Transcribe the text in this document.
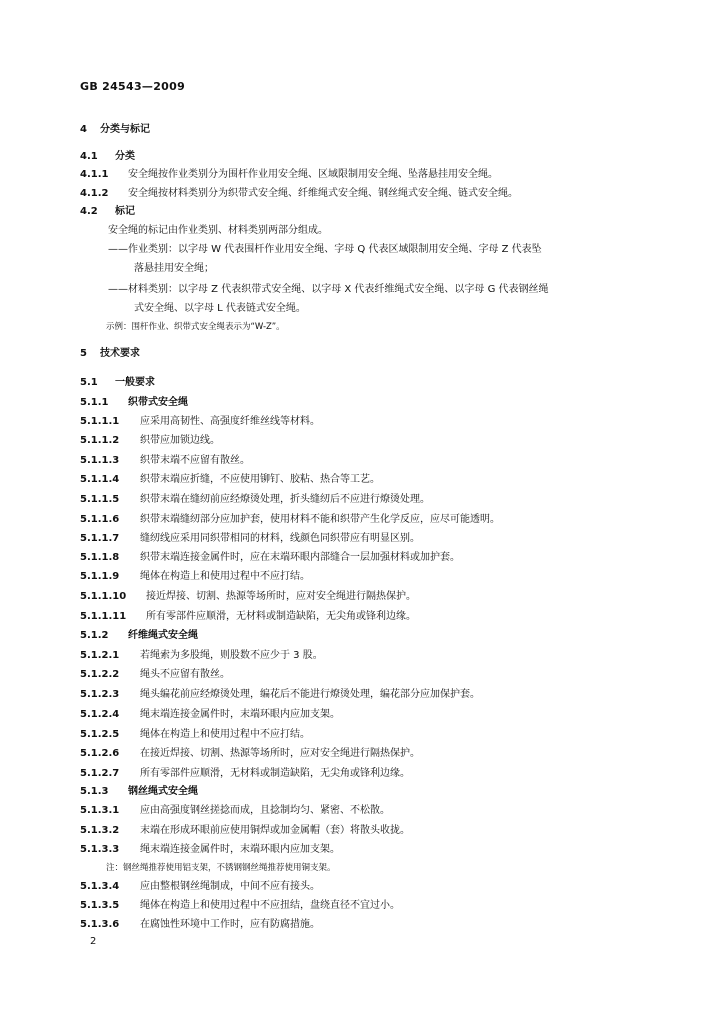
GB 24543—2009
4 分类与标记
4.1 分类
4.1.1 安全绳按作业类别分为围杆作业用安全绳、区域限制用安全绳、坠落悬挂用安全绳。
4.1.2 安全绳按材料类别分为织带式安全绳、纤维绳式安全绳、钢丝绳式安全绳、链式安全绳。
4.2 标记
安全绳的标记由作业类别、材料类别两部分组成。
——作业类别：以字母 W 代表围杆作业用安全绳、字母 Q 代表区域限制用安全绳、字母 Z 代表坠
落悬挂用安全绳；
——材料类别：以字母 Z 代表织带式安全绳、以字母 X 代表纤维绳式安全绳、以字母 G 代表钢丝绳
式安全绳、以字母 L 代表链式安全绳。
示例：围杆作业、织带式安全绳表示为“W-Z”。
5 技术要求
5.1 一般要求
5.1.1 织带式安全绳
5.1.1.1 应采用高韧性、高强度纤维丝线等材料。
5.1.1.2 织带应加锁边线。
5.1.1.3 织带末端不应留有散丝。
5.1.1.4 织带末端应折缝，不应使用铆钉、胶粘、热合等工艺。
5.1.1.5 织带末端在缝纫前应经燎烫处理，折头缝纫后不应进行燎烫处理。
5.1.1.6 织带末端缝纫部分应加护套，使用材料不能和织带产生化学反应，应尽可能透明。
5.1.1.7 缝纫线应采用同织带相同的材料，线颜色同织带应有明显区别。
5.1.1.8 织带末端连接金属件时，应在末端环眼内部缝合一层加强材料或加护套。
5.1.1.9 绳体在构造上和使用过程中不应打结。
5.1.1.10 接近焊接、切割、热源等场所时，应对安全绳进行隔热保护。
5.1.1.11 所有零部件应顺滑，无材料或制造缺陷，无尖角或锋利边缘。
5.1.2 纤维绳式安全绳
5.1.2.1 若绳索为多股绳，则股数不应少于 3 股。
5.1.2.2 绳头不应留有散丝。
5.1.2.3 绳头编花前应经燎烫处理，编花后不能进行燎烫处理，编花部分应加保护套。
5.1.2.4 绳末端连接金属件时，末端环眼内应加支架。
5.1.2.5 绳体在构造上和使用过程中不应打结。
5.1.2.6 在接近焊接、切割、热源等场所时，应对安全绳进行隔热保护。
5.1.2.7 所有零部件应顺滑，无材料或制造缺陷，无尖角或锋利边缘。
5.1.3 钢丝绳式安全绳
5.1.3.1 应由高强度钢丝搓捻而成，且捻制均匀、紧密、不松散。
5.1.3.2 末端在形成环眼前应使用铜焊或加金属帽（套）将散头收拢。
5.1.3.3 绳末端连接金属件时，末端环眼内应加支架。
注：钢丝绳推荐使用铝支架，不锈钢钢丝绳推荐使用铜支架。
5.1.3.4 应由整根钢丝绳制成，中间不应有接头。
5.1.3.5 绳体在构造上和使用过程中不应扭结，盘绕直径不宜过小。
5.1.3.6 在腐蚀性环境中工作时，应有防腐措施。
2
